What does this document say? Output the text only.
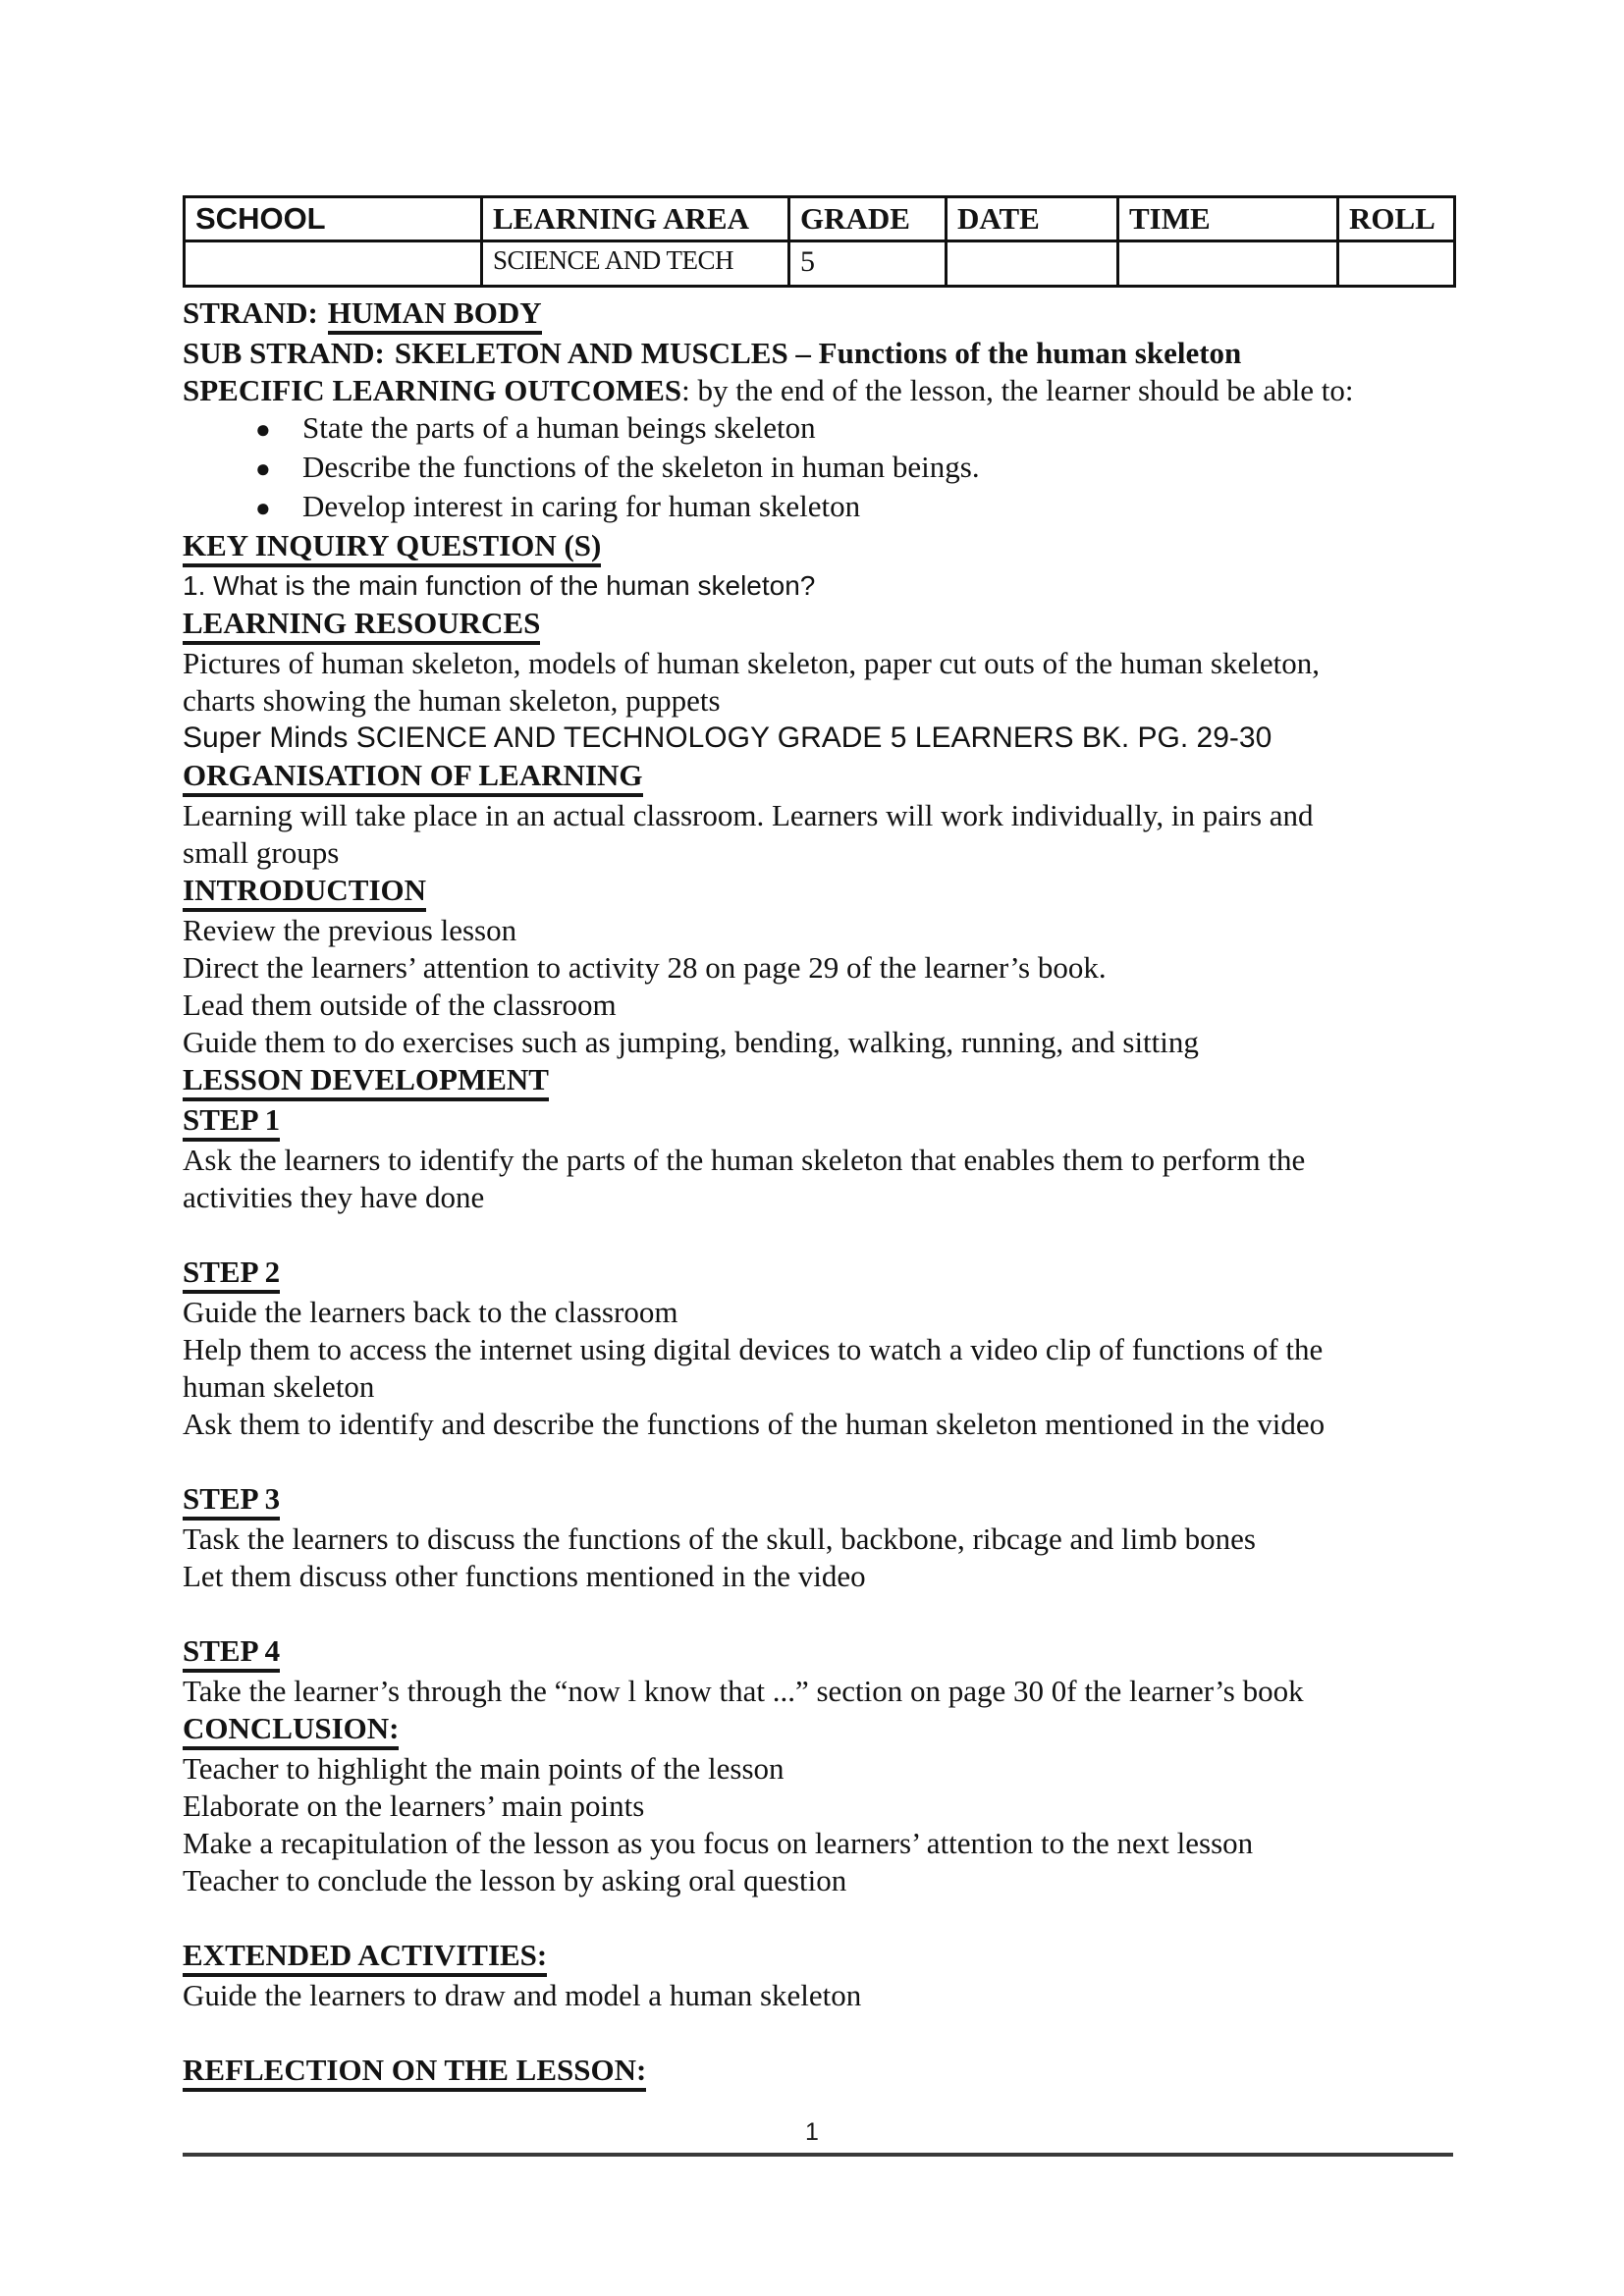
SCHOOL	LEARNING AREA	GRADE	DATE	TIME	ROLL
	SCIENCE AND TECH	5			
STRAND: HUMAN BODY
SUB STRAND: SKELETON AND MUSCLES – Functions of the human skeleton
SPECIFIC LEARNING OUTCOMES: by the end of the lesson, the learner should be able to:
● State the parts of a human beings skeleton
● Describe the functions of the skeleton in human beings.
● Develop interest in caring for human skeleton
KEY INQUIRY QUESTION (S)
1. What is the main function of the human skeleton?
LEARNING RESOURCES
Pictures of human skeleton, models of human skeleton, paper cut outs of the human skeleton,
charts showing the human skeleton, puppets
Super Minds SCIENCE AND TECHNOLOGY GRADE 5 LEARNERS BK. PG. 29-30
ORGANISATION OF LEARNING
Learning will take place in an actual classroom. Learners will work individually, in pairs and
small groups
INTRODUCTION
Review the previous lesson
Direct the learners’ attention to activity 28 on page 29 of the learner’s book.
Lead them outside of the classroom
Guide them to do exercises such as jumping, bending, walking, running, and sitting
LESSON DEVELOPMENT
STEP 1
Ask the learners to identify the parts of the human skeleton that enables them to perform the
activities they have done
STEP 2
Guide the learners back to the classroom
Help them to access the internet using digital devices to watch a video clip of functions of the
human skeleton
Ask them to identify and describe the functions of the human skeleton mentioned in the video
STEP 3
Task the learners to discuss the functions of the skull, backbone, ribcage and limb bones
Let them discuss other functions mentioned in the video
STEP 4
Take the learner’s through the “now l know that ...” section on page 30 0f the learner’s book
CONCLUSION:
Teacher to highlight the main points of the lesson
Elaborate on the learners’ main points
Make a recapitulation of the lesson as you focus on learners’ attention to the next lesson
Teacher to conclude the lesson by asking oral question
EXTENDED ACTIVITIES:
Guide the learners to draw and model a human skeleton
REFLECTION ON THE LESSON:
1
